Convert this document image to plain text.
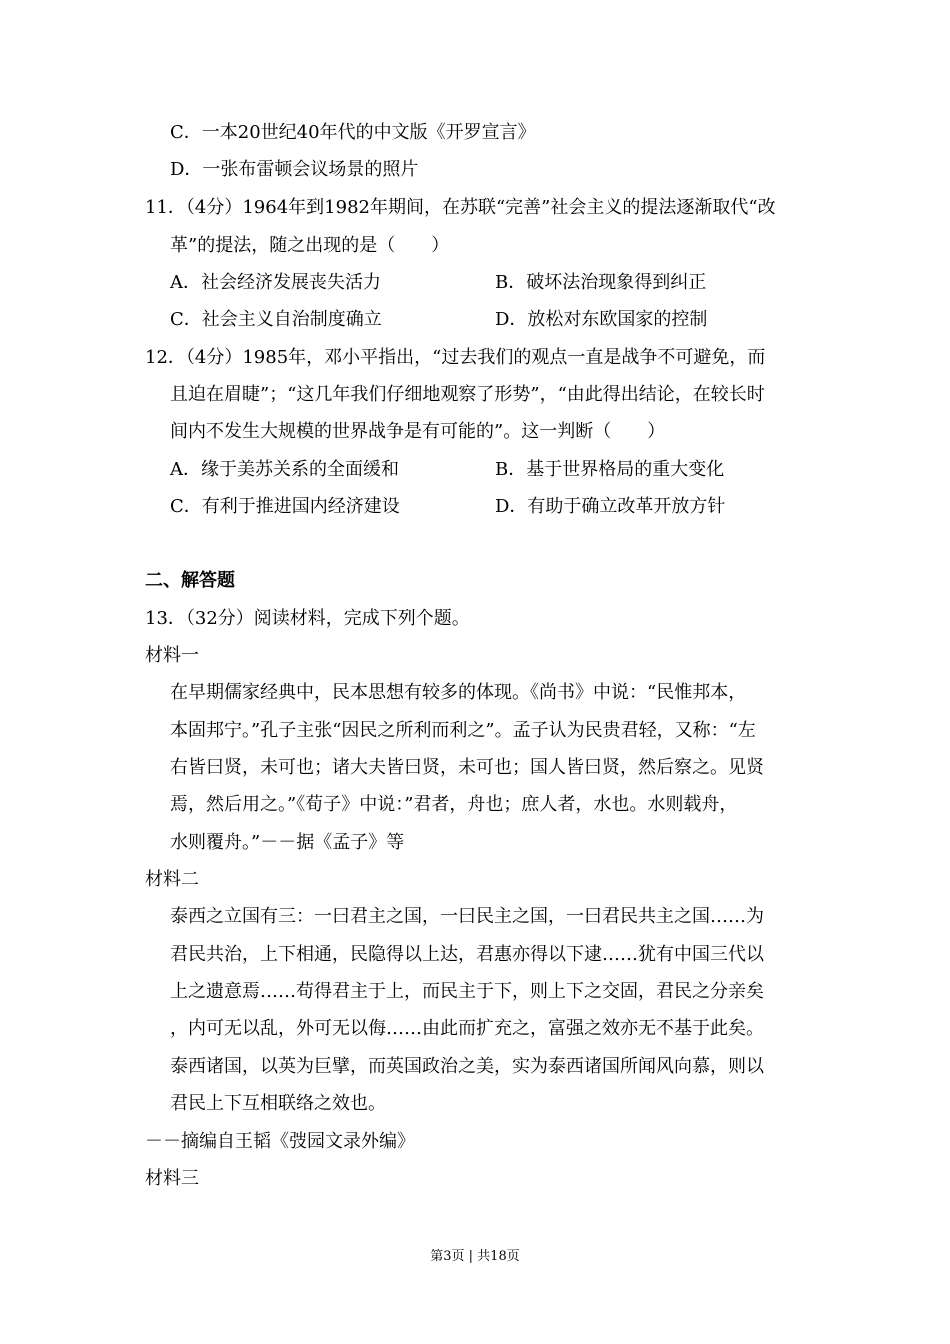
C．一本20世纪40年代的中文版《开罗宣言》
D．一张布雷顿会议场景的照片
11．（4分）1964年到1982年期间，在苏联“完善”社会主义的提法逐渐取代“改
革”的提法，随之出现的是（　　）
A．社会经济发展丧失活力	B．破坏法治现象得到纠正
C．社会主义自治制度确立	D．放松对东欧国家的控制
12．（4分）1985年，邓小平指出，“过去我们的观点一直是战争不可避免，而
且迫在眉睫”；“这几年我们仔细地观察了形势”，“由此得出结论，在较长时
间内不发生大规模的世界战争是有可能的”。这一判断（　　）
A．缘于美苏关系的全面缓和	B．基于世界格局的重大变化
C．有利于推进国内经济建设	D．有助于确立改革开放方针
二、解答题
13．（32分）阅读材料，完成下列个题。
材料一
在早期儒家经典中，民本思想有较多的体现。《尚书》中说：“民惟邦本，
本固邦宁。”孔子主张“因民之所利而利之”。孟子认为民贵君轻，又称：“左
右皆曰贤，未可也；诸大夫皆曰贤，未可也；国人皆曰贤，然后察之。见贤
焉，然后用之。”《荀子》中说：”君者，舟也；庶人者，水也。水则载舟，
水则覆舟。”－－据《孟子》等
材料二
泰西之立国有三：一曰君主之国，一曰民主之国，一曰君民共主之国……为
君民共治，上下相通，民隐得以上达，君惠亦得以下逮……犹有中国三代以
上之遗意焉……苟得君主于上，而民主于下，则上下之交固，君民之分亲矣
，内可无以乱，外可无以侮……由此而扩充之，富强之效亦无不基于此矣。
泰西诸国，以英为巨擘，而英国政治之美，实为泰西诸国所闻风向慕，则以
君民上下互相联络之效也。
－－摘编自王韬《弢园文录外编》
材料三
第3页 | 共18页
